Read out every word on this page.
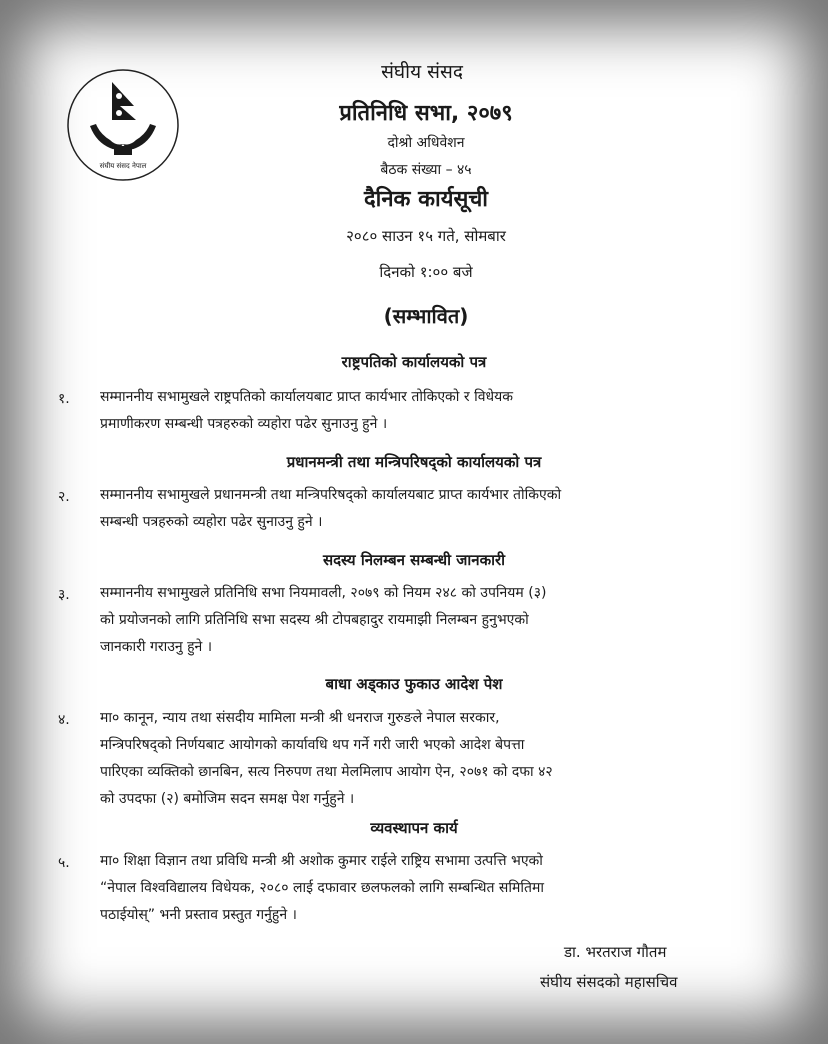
संघीय संसद नेपाल
संघीय संसद
प्रतिनिधि सभा, २०७९
दोश्रो अधिवेशन
बैठक संख्या – ४५
दैनिक कार्यसूची
२०८० साउन १५ गते, सोमबार
दिनको १:०० बजे
(सम्भावित)
राष्ट्रपतिको कार्यालयको पत्र
१. सम्माननीय सभामुखले राष्ट्रपतिको कार्यालयबाट प्राप्त कार्यभार तोकिएको र विधेयक
प्रमाणीकरण सम्बन्धी पत्रहरुको व्यहोरा पढेर सुनाउनु हुने ।
प्रधानमन्त्री तथा मन्त्रिपरिषद्को कार्यालयको पत्र
२. सम्माननीय सभामुखले प्रधानमन्त्री तथा मन्त्रिपरिषद्को कार्यालयबाट प्राप्त कार्यभार तोकिएको
सम्बन्धी पत्रहरुको व्यहोरा पढेर सुनाउनु हुने ।
सदस्य निलम्बन सम्बन्धी जानकारी
३. सम्माननीय सभामुखले प्रतिनिधि सभा नियमावली, २०७९ को नियम २४८ को उपनियम (३)
को प्रयोजनको लागि प्रतिनिधि सभा सदस्य श्री टोपबहादुर रायमाझी निलम्बन हुनुभएको
जानकारी गराउनु हुने ।
बाधा अड्काउ फुकाउ आदेश पेश
४. मा० कानून, न्याय तथा संसदीय मामिला मन्त्री श्री धनराज गुरुङले नेपाल सरकार,
मन्त्रिपरिषद्को निर्णयबाट आयोगको कार्यावधि थप गर्ने गरी जारी भएको आदेश बेपत्ता
पारिएका व्यक्तिको छानबिन, सत्य निरुपण तथा मेलमिलाप आयोग ऐन, २०७१ को दफा ४२
को उपदफा (२) बमोजिम सदन समक्ष पेश गर्नुहुने ।
व्यवस्थापन कार्य
५. मा० शिक्षा विज्ञान तथा प्रविधि मन्त्री श्री अशोक कुमार राईले राष्ट्रिय सभामा उत्पत्ति भएको
“नेपाल विश्वविद्यालय विधेयक, २०८० लाई दफावार छलफलको लागि सम्बन्धित समितिमा
पठाईयोस्” भनी प्रस्ताव प्रस्तुत गर्नुहुने ।
डा. भरतराज गौतम
संघीय संसदको महासचिव
